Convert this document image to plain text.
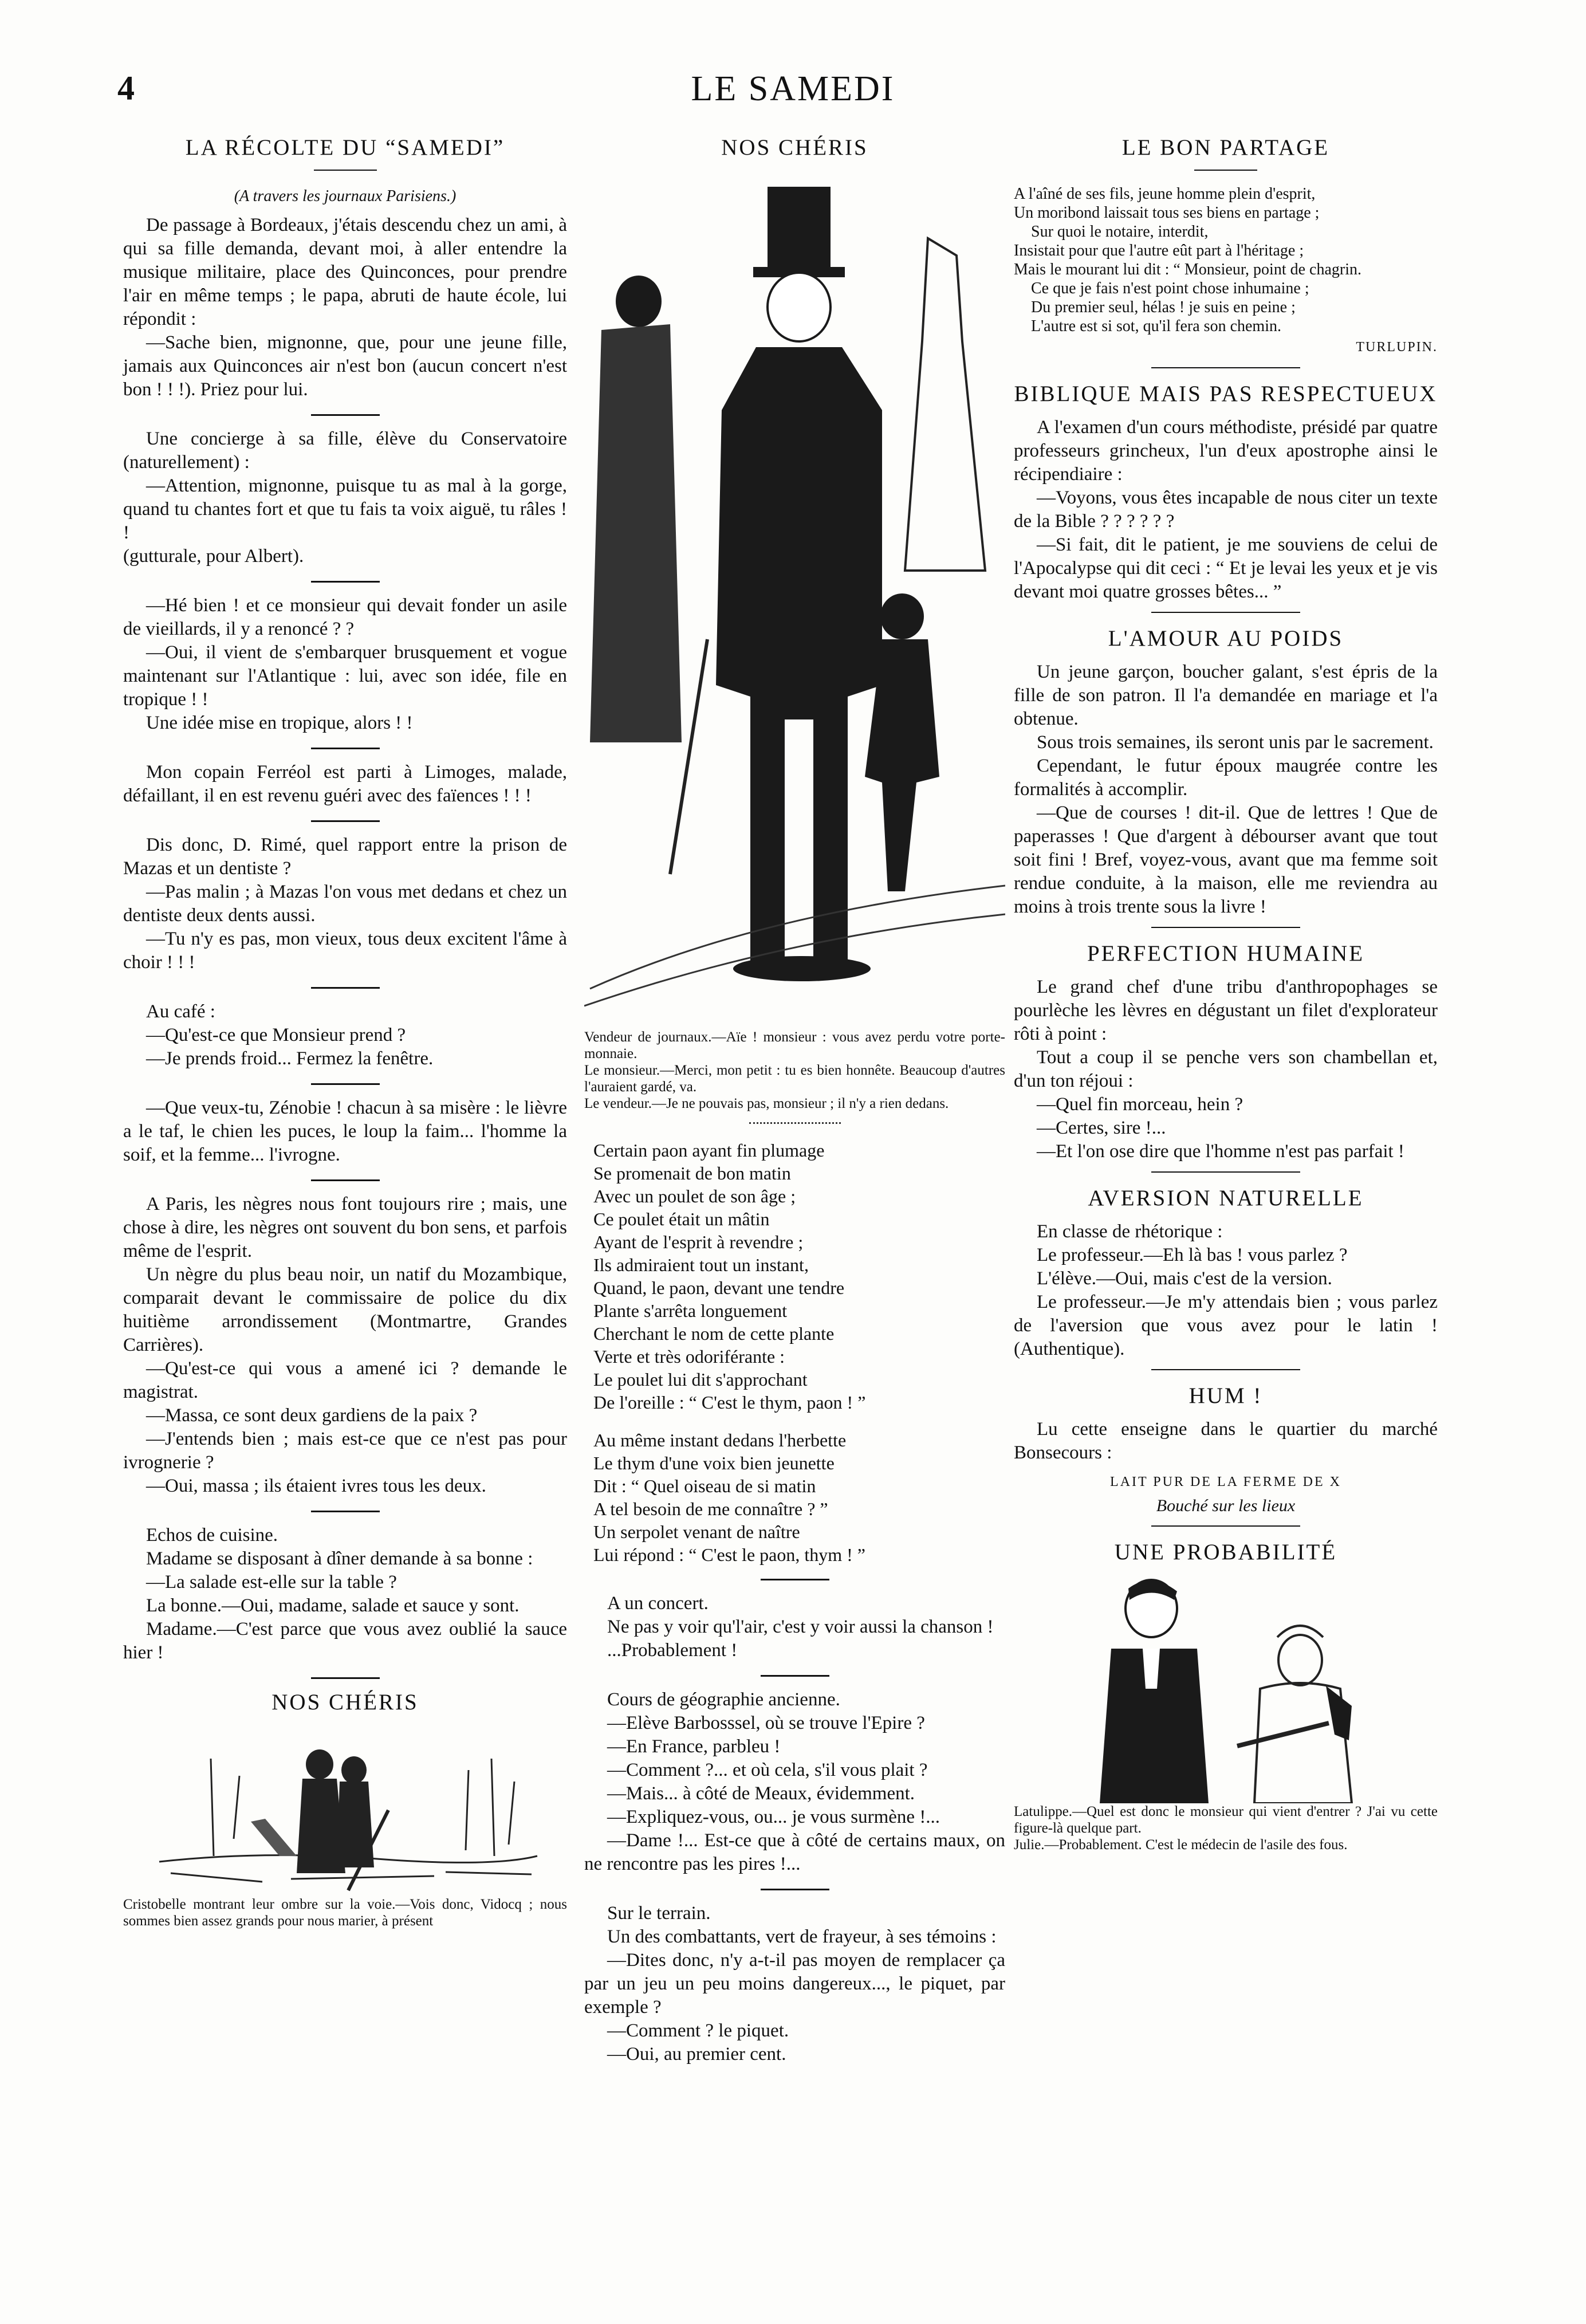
4	LE SAMEDI
LA RÉCOLTE DU “SAMEDI”
(A travers les journaux Parisiens.)

De passage à Bordeaux, j'étais descendu chez un ami, à qui sa fille demanda, devant moi, à aller entendre la musique militaire, place des Quinconces, pour prendre l'air en même temps ; le papa, abruti de haute école, lui répondit :

—Sache bien, mignonne, que, pour une jeune fille, jamais aux Quinconces air n'est bon (aucun concert n'est bon ! ! !). Priez pour lui.

Une concierge à sa fille, élève du Conservatoire (naturellement) :

—Attention, mignonne, puisque tu as mal à la gorge, quand tu chantes fort et que tu fais ta voix aiguë, tu râles ! !

(gutturale, pour Albert).

—Hé bien ! et ce monsieur qui devait fonder un asile de vieillards, il y a renoncé ? ?

—Oui, il vient de s'embarquer brusquement et vogue maintenant sur l'Atlantique : lui, avec son idée, file en tropique ! !

Une idée mise en tropique, alors ! !

Mon copain Ferréol est parti à Limoges, malade, défaillant, il en est revenu guéri avec des faïences ! ! !

Dis donc, D. Rimé, quel rapport entre la prison de Mazas et un dentiste ?

—Pas malin ; à Mazas l'on vous met dedans et chez un dentiste deux dents aussi.

—Tu n'y es pas, mon vieux, tous deux excitent l'âme à choir ! ! !

Au café :

—Qu'est-ce que Monsieur prend ?

—Je prends froid... Fermez la fenêtre.

—Que veux-tu, Zénobie ! chacun à sa misère : le lièvre a le taf, le chien les puces, le loup la faim... l'homme la soif, et la femme... l'ivrogne.

A Paris, les nègres nous font toujours rire ; mais, une chose à dire, les nègres ont souvent du bon sens, et parfois même de l'esprit.

Un nègre du plus beau noir, un natif du Mozambique, comparait devant le commissaire de police du dix huitième arrondissement (Montmartre, Grandes Carrières).

—Qu'est-ce qui vous a amené ici ? demande le magistrat.

—Massa, ce sont deux gardiens de la paix ?

—J'entends bien ; mais est-ce que ce n'est pas pour ivrognerie ?

—Oui, massa ; ils étaient ivres tous les deux.

Echos de cuisine.

Madame se disposant à dîner demande à sa bonne :

—La salade est-elle sur la table ?

La bonne.—Oui, madame, salade et sauce y sont.

Madame.—C'est parce que vous avez oublié la sauce hier !

NOS CHÉRIS

Cristobelle montrant leur ombre sur la voie.—Vois donc, Vidocq ; nous sommes bien assez grands pour nous marier, à présent

NOS CHÉRIS

Vendeur de journaux.—Aïe ! monsieur : vous avez perdu votre porte-monnaie.
Le monsieur.—Merci, mon petit : tu es bien honnête. Beaucoup d'autres l'auraient gardé, va.
Le vendeur.—Je ne pouvais pas, monsieur ; il n'y a rien dedans.

Certain paon ayant fin plumage
Se promenait de bon matin
Avec un poulet de son âge ;
Ce poulet était un mâtin
Ayant de l'esprit à revendre ;
Ils admiraient tout un instant,
Quand, le paon, devant une tendre
Plante s'arrêta longuement
Cherchant le nom de cette plante
Verte et très odoriférante :
Le poulet lui dit s'approchant
De l'oreille : “ C'est le thym, paon ! ”
Au même instant dedans l'herbette
Le thym d'une voix bien jeunette
Dit : “ Quel oiseau de si matin
A tel besoin de me connaître ? ”
Un serpolet venant de naître
Lui répond : “ C'est le paon, thym ! ”

A un concert.

Ne pas y voir qu'l'air, c'est y voir aussi la chanson !

...Probablement !

Cours de géographie ancienne.

—Elève Barbosssel, où se trouve l'Epire ?

—En France, parbleu !

—Comment ?... et où cela, s'il vous plait ?

—Mais... à côté de Meaux, évidemment.

—Expliquez-vous, ou... je vous surmène !...

—Dame !... Est-ce que à côté de certains maux, on ne rencontre pas les pires !...

Sur le terrain.

Un des combattants, vert de frayeur, à ses témoins :

—Dites donc, n'y a-t-il pas moyen de remplacer ça par un jeu un peu moins dangereux..., le piquet, par exemple ?

—Comment ? le piquet.

—Oui, au premier cent.

LE BON PARTAGE
A l'aîné de ses fils, jeune homme plein d'esprit,
Un moribond laissait tous ses biens en partage ;
Sur quoi le notaire, interdit,
Insistait pour que l'autre eût part à l'héritage ;
Mais le mourant lui dit : “ Monsieur, point de chagrin.
Ce que je fais n'est point chose inhumaine ;
Du premier seul, hélas ! je suis en peine ;
L'autre est si sot, qu'il fera son chemin.
TURLUPIN.
BIBLIQUE MAIS PAS RESPECTUEUX

A l'examen d'un cours méthodiste, présidé par quatre professeurs grincheux, l'un d'eux apostrophe ainsi le récipendiaire :

—Voyons, vous êtes incapable de nous citer un texte de la Bible ? ? ? ? ? ?

—Si fait, dit le patient, je me souviens de celui de l'Apocalypse qui dit ceci : “ Et je levai les yeux et je vis devant moi quatre grosses bêtes... ”

L'AMOUR AU POIDS

Un jeune garçon, boucher galant, s'est épris de la fille de son patron. Il l'a demandée en mariage et l'a obtenue.

Sous trois semaines, ils seront unis par le sacrement.

Cependant, le futur époux maugrée contre les formalités à accomplir.

—Que de courses ! dit-il. Que de lettres ! Que de paperasses ! Que d'argent à débourser avant que tout soit fini ! Bref, voyez-vous, avant que ma femme soit rendue conduite, à la maison, elle me reviendra au moins à trois trente sous la livre !

PERFECTION HUMAINE

Le grand chef d'une tribu d'anthropophages se pourlèche les lèvres en dégustant un filet d'explorateur rôti à point :

Tout a coup il se penche vers son chambellan et, d'un ton réjoui :

—Quel fin morceau, hein ?

—Certes, sire !...

—Et l'on ose dire que l'homme n'est pas parfait !

AVERSION NATURELLE

En classe de rhétorique :

Le professeur.—Eh là bas ! vous parlez ?

L'élève.—Oui, mais c'est de la version.

Le professeur.—Je m'y attendais bien ; vous parlez de l'aversion que vous avez pour le latin ! (Authentique).

HUM !

Lu cette enseigne dans le quartier du marché Bonsecours :

LAIT PUR DE LA FERME DE X
Bouché sur les lieux
UNE PROBABILITÉ

Latulippe.—Quel est donc le monsieur qui vient d'entrer ? J'ai vu cette figure-là quelque part.
Julie.—Probablement. C'est le médecin de l'asile des fous.
